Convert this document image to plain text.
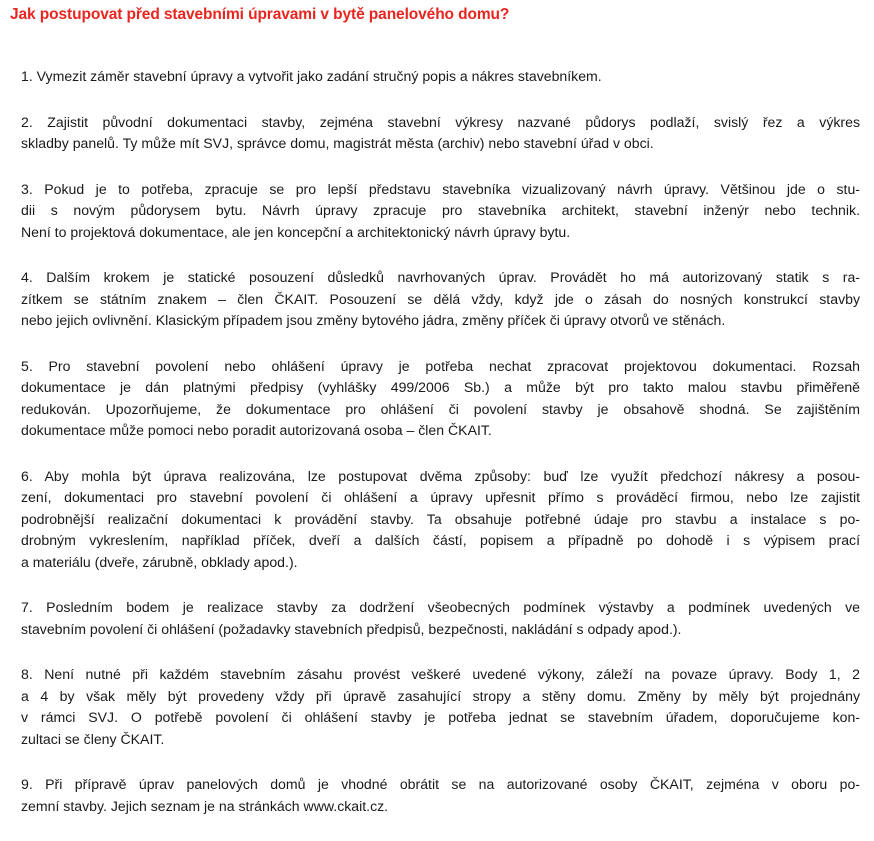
Jak postupovat před stavebními úpravami v bytě panelového domu?
1. Vymezit záměr stavební úpravy a vytvořit jako zadání stručný popis a nákres stavebníkem.
2. Zajistit původní dokumentaci stavby, zejména stavební výkresy nazvané půdorys podlaží, svislý řez a výkres
skladby panelů. Ty může mít SVJ, správce domu, magistrát města (archiv) nebo stavební úřad v obci.
3. Pokud je to potřeba, zpracuje se pro lepší představu stavebníka vizualizovaný návrh úpravy. Většinou jde o stu-
dii s novým půdorysem bytu. Návrh úpravy zpracuje pro stavebníka architekt, stavební inženýr nebo technik.
Není to projektová dokumentace, ale jen koncepční a architektonický návrh úpravy bytu.
4. Dalším krokem je statické posouzení důsledků navrhovaných úprav. Provádět ho má autorizovaný statik s ra-
zítkem se státním znakem – člen ČKAIT. Posouzení se dělá vždy, když jde o zásah do nosných konstrukcí stavby
nebo jejich ovlivnění. Klasickým případem jsou změny bytového jádra, změny příček či úpravy otvorů ve stěnách.
5. Pro stavební povolení nebo ohlášení úpravy je potřeba nechat zpracovat projektovou dokumentaci. Rozsah
dokumentace je dán platnými předpisy (vyhlášky 499/2006 Sb.) a může být pro takto malou stavbu přiměřeně
redukován. Upozorňujeme, že dokumentace pro ohlášení či povolení stavby je obsahově shodná. Se zajištěním
dokumentace může pomoci nebo poradit autorizovaná osoba – člen ČKAIT.
6. Aby mohla být úprava realizována, lze postupovat dvěma způsoby: buď lze využít předchozí nákresy a posou-
zení, dokumentaci pro stavební povolení či ohlášení a úpravy upřesnit přímo s prováděcí firmou, nebo lze zajistit
podrobnější realizační dokumentaci k provádění stavby. Ta obsahuje potřebné údaje pro stavbu a instalace s po-
drobným vykreslením, například příček, dveří a dalších částí, popisem a případně po dohodě i s výpisem prací
a materiálu (dveře, zárubně, obklady apod.).
7. Posledním bodem je realizace stavby za dodržení všeobecných podmínek výstavby a podmínek uvedených ve
stavebním povolení či ohlášení (požadavky stavebních předpisů, bezpečnosti, nakládání s odpady apod.).
8. Není nutné při každém stavebním zásahu provést veškeré uvedené výkony, záleží na povaze úpravy. Body 1, 2
a 4 by však měly být provedeny vždy při úpravě zasahující stropy a stěny domu. Změny by měly být projednány
v rámci SVJ. O potřebě povolení či ohlášení stavby je potřeba jednat se stavebním úřadem, doporučujeme kon-
zultaci se členy ČKAIT.
9. Při přípravě úprav panelových domů je vhodné obrátit se na autorizované osoby ČKAIT, zejména v oboru po-
zemní stavby. Jejich seznam je na stránkách www.ckait.cz.
